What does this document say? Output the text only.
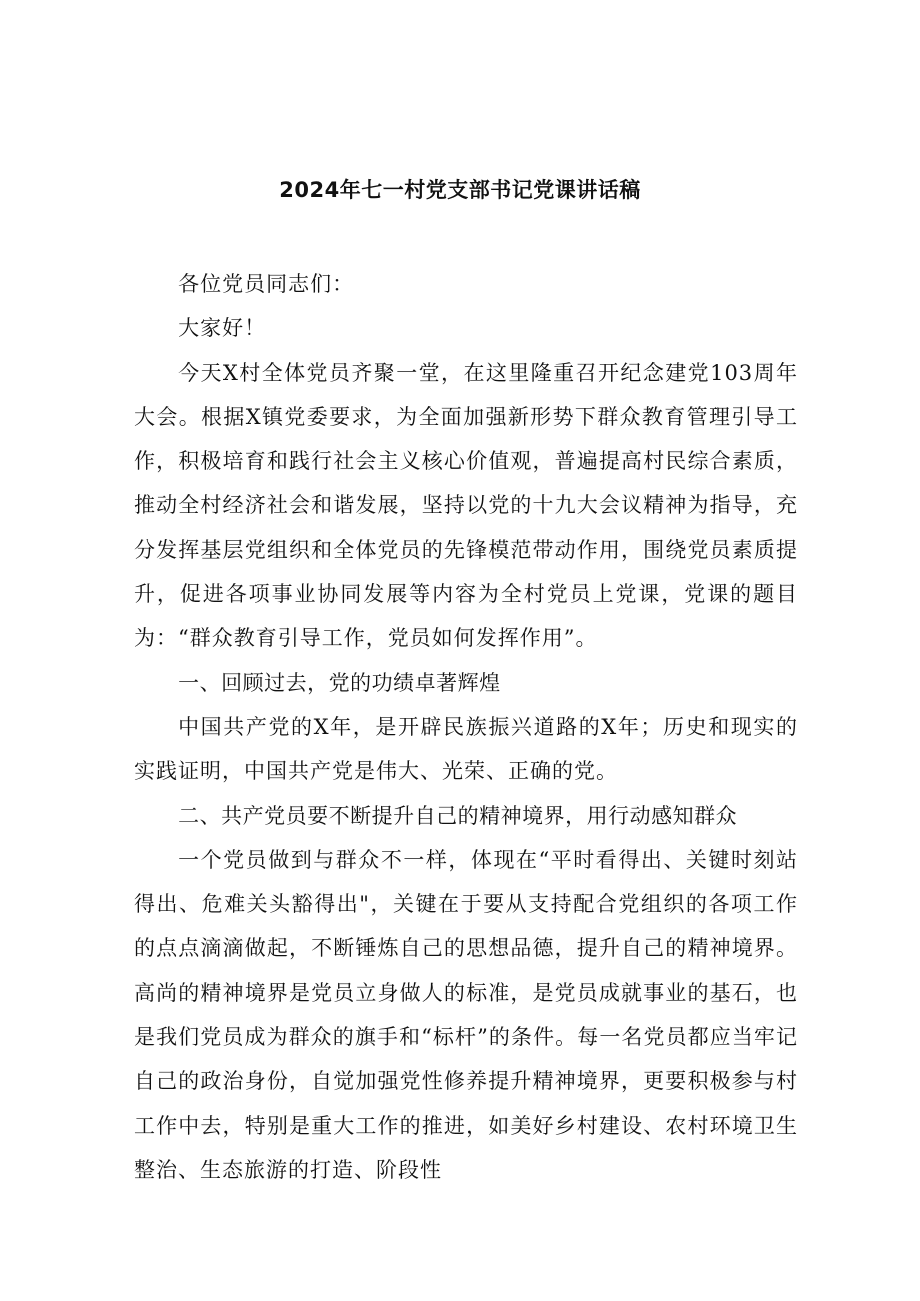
2024年七一村党支部书记党课讲话稿

各位党员同志们：

大家好！

今天X村全体党员齐聚一堂，在这里隆重召开纪念建党103周年大会。根据X镇党委要求，为全面加强新形势下群众教育管理引导工作，积极培育和践行社会主义核心价值观，普遍提高村民综合素质，推动全村经济社会和谐发展，坚持以党的十九大会议精神为指导，充分发挥基层党组织和全体党员的先锋模范带动作用，围绕党员素质提升，促进各项事业协同发展等内容为全村党员上党课，党课的题目为：“群众教育引导工作，党员如何发挥作用”。

一、回顾过去，党的功绩卓著辉煌

中国共产党的X年，是开辟民族振兴道路的X年；历史和现实的实践证明，中国共产党是伟大、光荣、正确的党。

二、共产党员要不断提升自己的精神境界，用行动感知群众

一个党员做到与群众不一样，体现在“平时看得出、关键时刻站得出、危难关头豁得出"，关键在于要从支持配合党组织的各项工作的点点滴滴做起，不断锤炼自己的思想品德，提升自己的精神境界。高尚的精神境界是党员立身做人的标准，是党员成就事业的基石，也是我们党员成为群众的旗手和“标杆”的条件。每一名党员都应当牢记自己的政治身份，自觉加强党性修养提升精神境界，更要积极参与村工作中去，特别是重大工作的推进，如美好乡村建设、农村环境卫生整治、生态旅游的打造、阶段性
